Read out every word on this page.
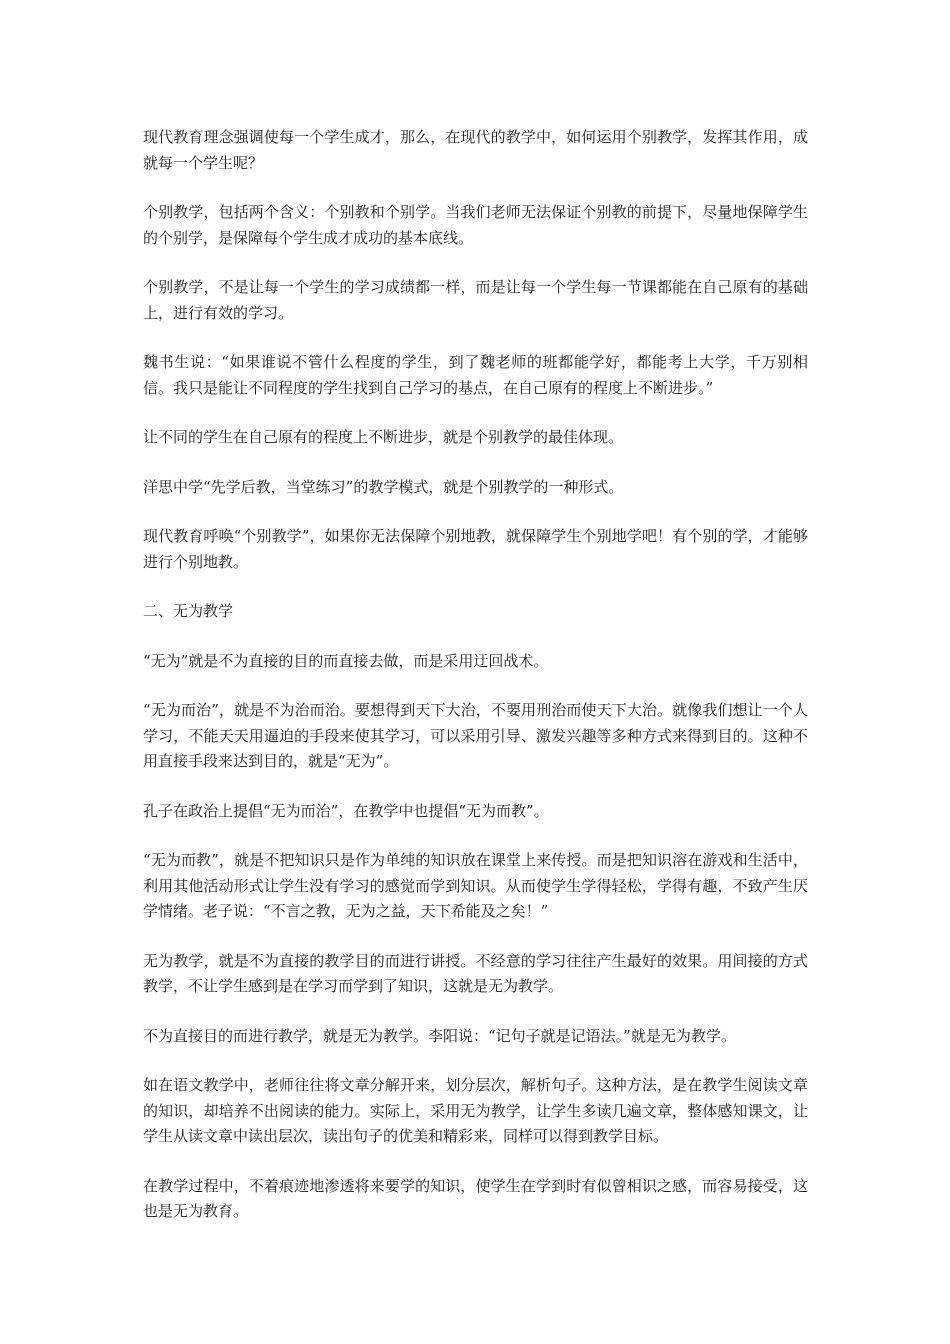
现代教育理念强调使每一个学生成才，那么，在现代的教学中，如何运用个别教学，发挥其作用，成就每一个学生呢？

个别教学，包括两个含义：个别教和个别学。当我们老师无法保证个别教的前提下，尽量地保障学生的个别学，是保障每个学生成才成功的基本底线。

个别教学，不是让每一个学生的学习成绩都一样，而是让每一个学生每一节课都能在自己原有的基础上，进行有效的学习。

魏书生说：“如果谁说不管什么程度的学生，到了魏老师的班都能学好，都能考上大学，千万别相信。我只是能让不同程度的学生找到自己学习的基点，在自己原有的程度上不断进步。”

让不同的学生在自己原有的程度上不断进步，就是个别教学的最佳体现。

洋思中学“先学后教，当堂练习”的教学模式，就是个别教学的一种形式。

现代教育呼唤“个别教学”，如果你无法保障个别地教，就保障学生个别地学吧！有个别的学，才能够进行个别地教。

二、无为教学

“无为”就是不为直接的目的而直接去做，而是采用迂回战术。

“无为而治”，就是不为治而治。要想得到天下大治，不要用刑治而使天下大治。就像我们想让一个人学习，不能天天用逼迫的手段来使其学习，可以采用引导、激发兴趣等多种方式来得到目的。这种不用直接手段来达到目的，就是“无为”。

孔子在政治上提倡“无为而治”，在教学中也提倡“无为而教”。

“无为而教”，就是不把知识只是作为单纯的知识放在课堂上来传授。而是把知识溶在游戏和生活中，利用其他活动形式让学生没有学习的感觉而学到知识。从而使学生学得轻松，学得有趣，不致产生厌学情绪。老子说：“不言之教，无为之益，天下希能及之矣！”

无为教学，就是不为直接的教学目的而进行讲授。不经意的学习往往产生最好的效果。用间接的方式教学，不让学生感到是在学习而学到了知识，这就是无为教学。

不为直接目的而进行教学，就是无为教学。李阳说：“记句子就是记语法。”就是无为教学。

如在语文教学中，老师往往将文章分解开来，划分层次，解析句子。这种方法，是在教学生阅读文章的知识，却培养不出阅读的能力。实际上，采用无为教学，让学生多读几遍文章，整体感知课文，让学生从读文章中读出层次，读出句子的优美和精彩来，同样可以得到教学目标。

在教学过程中，不着痕迹地渗透将来要学的知识，使学生在学到时有似曾相识之感，而容易接受，这也是无为教育。
